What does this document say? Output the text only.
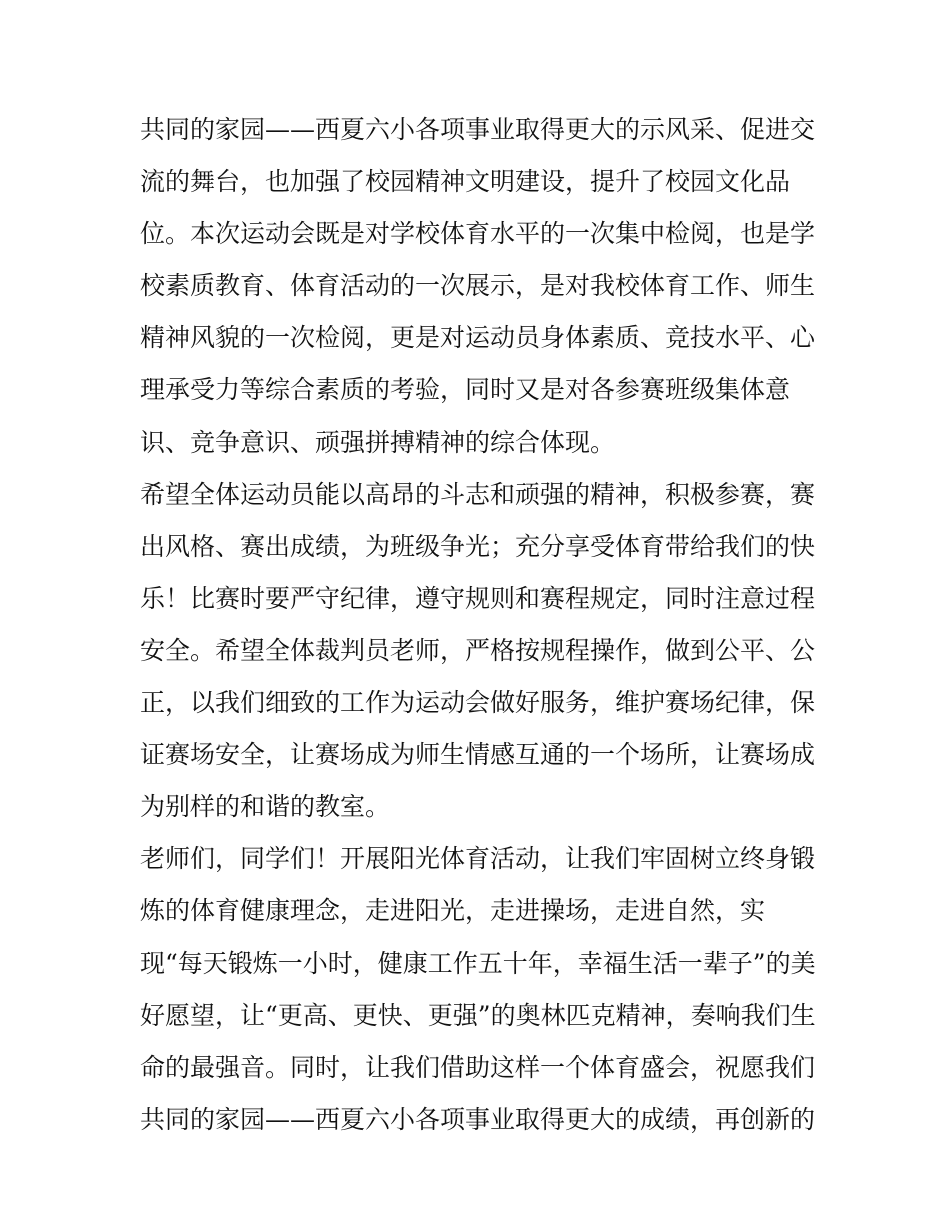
共同的家园——西夏六小各项事业取得更大的示风采、促进交
流的舞台，也加强了校园精神文明建设，提升了校园文化品
位。本次运动会既是对学校体育水平的一次集中检阅，也是学
校素质教育、体育活动的一次展示，是对我校体育工作、师生
精神风貌的一次检阅，更是对运动员身体素质、竞技水平、心
理承受力等综合素质的考验，同时又是对各参赛班级集体意
识、竞争意识、顽强拼搏精神的综合体现。
希望全体运动员能以高昂的斗志和顽强的精神，积极参赛，赛
出风格、赛出成绩，为班级争光；充分享受体育带给我们的快
乐！比赛时要严守纪律，遵守规则和赛程规定，同时注意过程
安全。希望全体裁判员老师，严格按规程操作，做到公平、公
正，以我们细致的工作为运动会做好服务，维护赛场纪律，保
证赛场安全，让赛场成为师生情感互通的一个场所，让赛场成
为别样的和谐的教室。
老师们，同学们！开展阳光体育活动，让我们牢固树立终身锻
炼的体育健康理念，走进阳光，走进操场，走进自然，实
现“每天锻炼一小时，健康工作五十年，幸福生活一辈子”的美
好愿望，让“更高、更快、更强”的奥林匹克精神，奏响我们生
命的最强音。同时，让我们借助这样一个体育盛会，祝愿我们
共同的家园——西夏六小各项事业取得更大的成绩，再创新的
